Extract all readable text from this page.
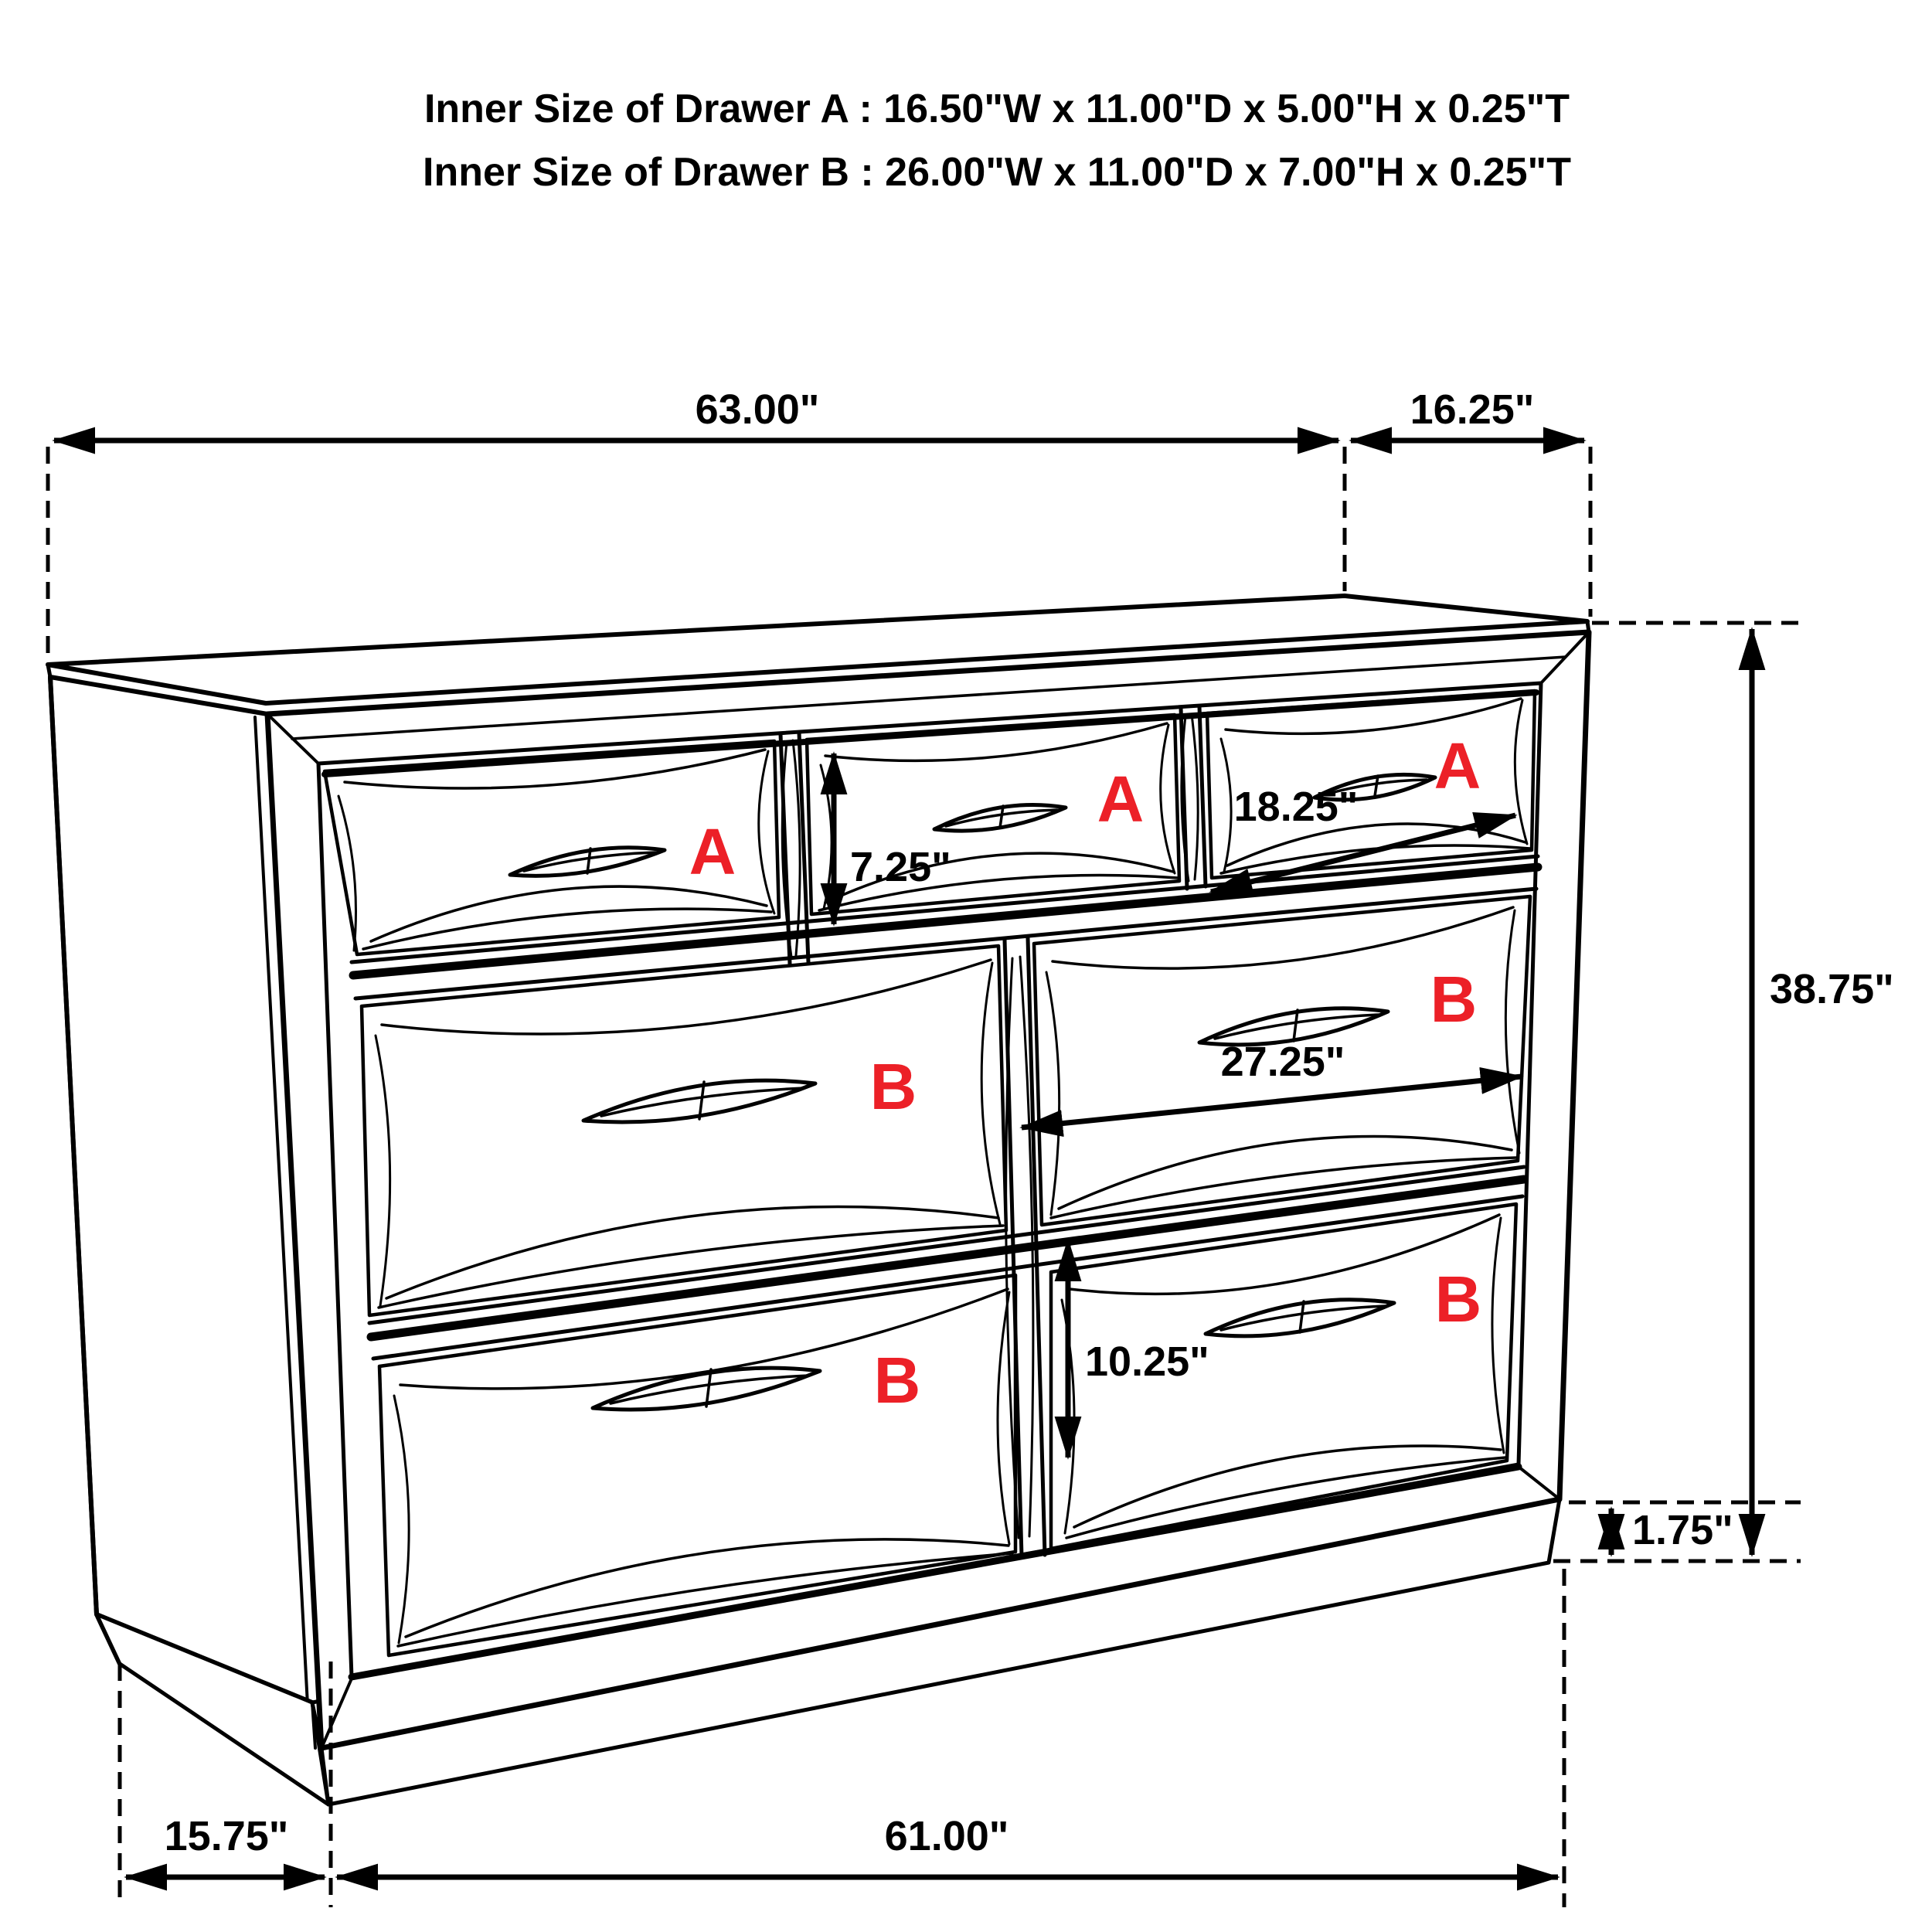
Inner Size of Drawer A : 16.50"W x 11.00"D x 5.00"H x 0.25"T
Inner Size of Drawer B : 26.00"W x 11.00"D x 7.00"H x 0.25"T
A
A	A
B
B
B
B
63.00"	16.25"
38.75"
7.25"
18.25"
27.25"
10.25"
1.75"
15.75"	61.00"
